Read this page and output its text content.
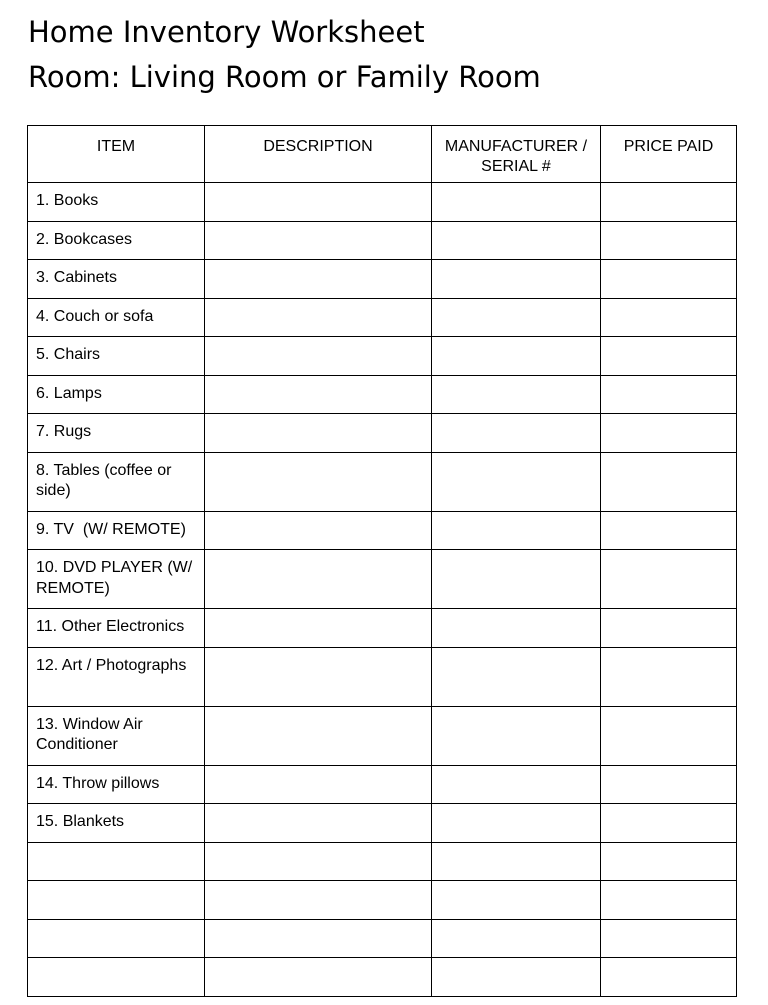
Home Inventory Worksheet
Room: Living Room or Family Room
ITEM	DESCRIPTION	MANUFACTURER / SERIAL #	PRICE PAID
1. Books			
2. Bookcases			
3. Cabinets			
4. Couch or sofa			
5. Chairs			
6. Lamps			
7. Rugs			
8. Tables (coffee or side)			
9. TV  (W/ REMOTE)			
10. DVD PLAYER (W/ REMOTE)			
11. Other Electronics			
12. Art / Photographs			
13. Window Air Conditioner			
14. Throw pillows			
15. Blankets			
